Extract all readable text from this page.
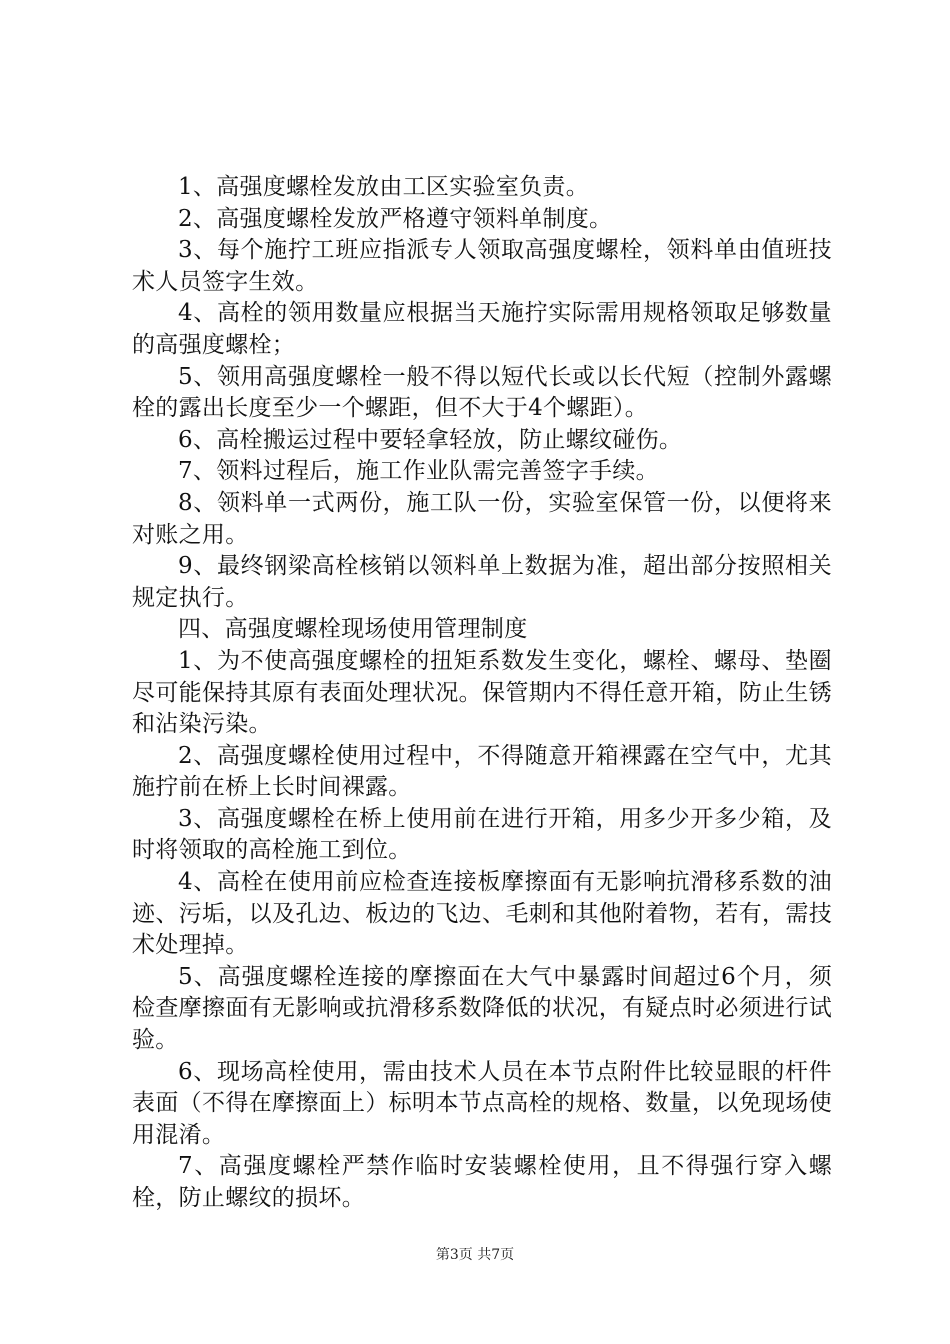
1、高强度螺栓发放由工区实验室负责。

2、高强度螺栓发放严格遵守领料单制度。

3、每个施拧工班应指派专人领取高强度螺栓，领料单由值班技术人员签字生效。

4、高栓的领用数量应根据当天施拧实际需用规格领取足够数量的高强度螺栓；

5、领用高强度螺栓一般不得以短代长或以长代短（控制外露螺栓的露出长度至少一个螺距，但不大于4个螺距）。

6、高栓搬运过程中要轻拿轻放，防止螺纹碰伤。

7、领料过程后，施工作业队需完善签字手续。

8、领料单一式两份，施工队一份，实验室保管一份，以便将来对账之用。

9、最终钢梁高栓核销以领料单上数据为准，超出部分按照相关规定执行。

四、高强度螺栓现场使用管理制度

1、为不使高强度螺栓的扭矩系数发生变化，螺栓、螺母、垫圈尽可能保持其原有表面处理状况。保管期内不得任意开箱，防止生锈和沾染污染。

2、高强度螺栓使用过程中，不得随意开箱裸露在空气中，尤其施拧前在桥上长时间裸露。

3、高强度螺栓在桥上使用前在进行开箱，用多少开多少箱，及时将领取的高栓施工到位。

4、高栓在使用前应检查连接板摩擦面有无影响抗滑移系数的油迹、污垢，以及孔边、板边的飞边、毛刺和其他附着物，若有，需技术处理掉。

5、高强度螺栓连接的摩擦面在大气中暴露时间超过6个月，须检查摩擦面有无影响或抗滑移系数降低的状况，有疑点时必须进行试验。

6、现场高栓使用，需由技术人员在本节点附件比较显眼的杆件表面（不得在摩擦面上）标明本节点高栓的规格、数量，以免现场使用混淆。

7、高强度螺栓严禁作临时安装螺栓使用，且不得强行穿入螺栓，防止螺纹的损坏。

第3页 共7页
